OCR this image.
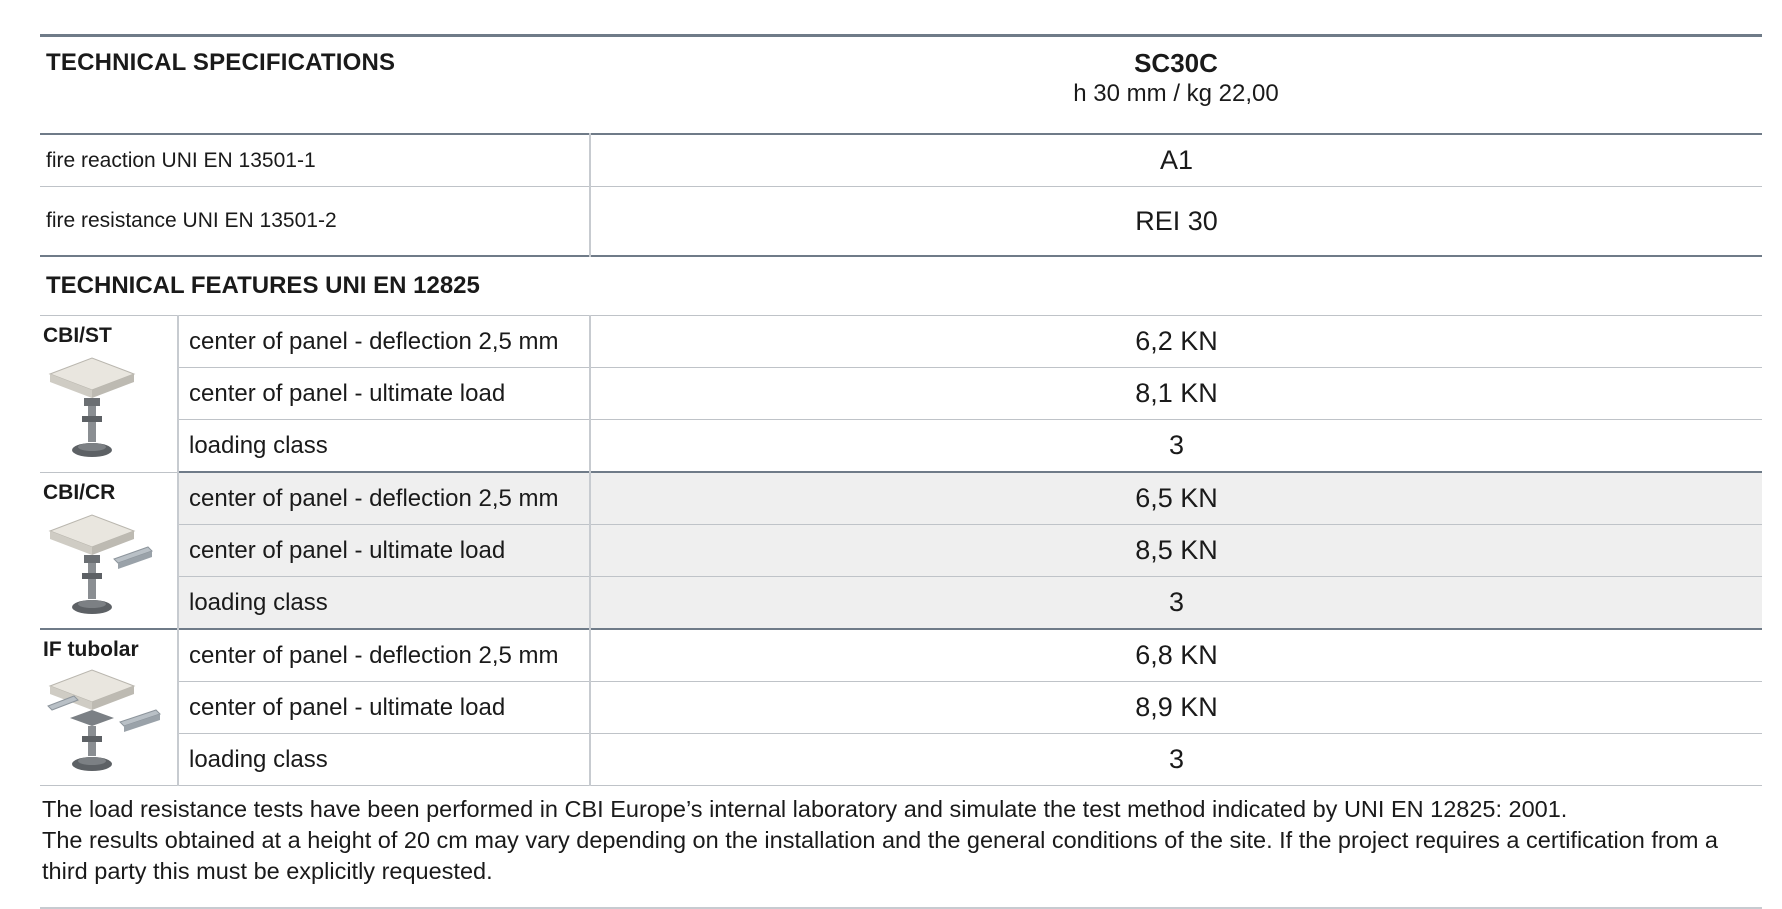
TECHNICAL SPECIFICATIONS		SC30C
h 30 mm / kg 22,00

fire reaction UNI EN 13501-1		A1
fire resistance UNI EN 13501-2		REI 30
TECHNICAL FEATURES UNI EN 12825		

CBI/ST	center of panel - deflection 2,5 mm	6,2 KN
	center of panel - ultimate load	8,1 KN
	loading class	3

CBI/CR	center of panel - deflection 2,5 mm	6,5 KN
	center of panel - ultimate load	8,5 KN
	loading class	3

IF tubolar	center of panel - deflection 2,5 mm	6,8 KN
	center of panel - ultimate load	8,9 KN
	loading class	3

The load resistance tests have been performed in CBI Europe’s internal laboratory and simulate the test method indicated by UNI EN 12825: 2001.

The results obtained at a height of 20 cm may vary depending on the installation and the general conditions of the site. If the project requires a certification from a third party this must be explicitly requested.
